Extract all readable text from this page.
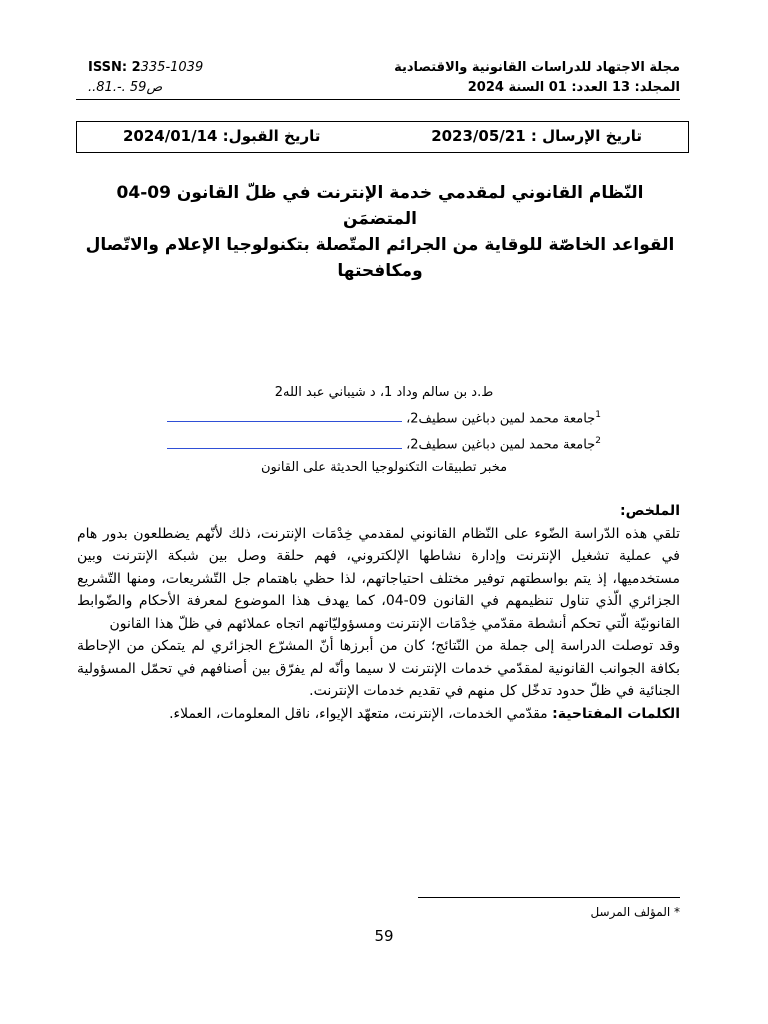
مجلة الاجتهاد للدراسات القانونية والاقتصادية
المجلد: 13 العدد: 01 السنة 2024
ISSN: 2335-1039
ص59 .-.81..
تاريخ الإرسال : 2023/05/21
تاريخ القبول: 2024/01/14
النّظام القانوني لمقدمي خدمة الإنترنت في ظلّ القانون 09-04 المتضمَن
القواعد الخاصّة للوقاية من الجرائم المتّصلة بتكنولوجيا الإعلام والاتّصال
ومكافحتها
ط.د بن سالم وداد 1، د شيباني عبد الله2
$^1$جامعة محمد لمين دباغين سطيف2،
$^2$جامعة محمد لمين دباغين سطيف2،
مخبر تطبيقات التكنولوجيا الحديثة على القانون
الملخص:

تلقي هذه الدّراسة الضّوء على النّظام القانوني لمقدمي خِدْمَات الإنترنت، ذلك لأنّهم يضطلعون بدور هام في عملية تشغيل الإنترنت وإدارة نشاطها الإلكتروني، فهم حلقة وصل بين شبكة الإنترنت وبين مستخدميها، إذ يتم بواسطتهم توفير مختلف احتياجاتهم، لذا حظي باهتمام جل التّشريعات، ومنها التّشريع الجزائري الّذي تناول تنظيمهم في القانون 09-04، كما يهدف هذا الموضوع لمعرفة الأحكام والضّوابط القانونيّة الّتي تحكم أنشطة مقدّمي خِدْمَات الإنترنت ومسؤوليّاتهم اتجاه عملائهم في ظلّ هذا القانون

وقد توصلت الدراسة إلى جملة من النّتائج؛ كان من أبرزها أنّ المشرّع الجزائري لم يتمكن من الإحاطة بكافة الجوانب القانونية لمقدّمي خدمات الإنترنت لا سيما وأنّه لم يفرّق بين أصنافهم في تحمّل المسؤولية الجنائية في ظلّ حدود تدخّل كل منهم في تقديم خدمات الإنترنت.

الكلمات المفتاحية: مقدّمي الخدمات، الإنترنت، متعهّد الإيواء، ناقل المعلومات، العملاء.

* المؤلف المرسل
59
